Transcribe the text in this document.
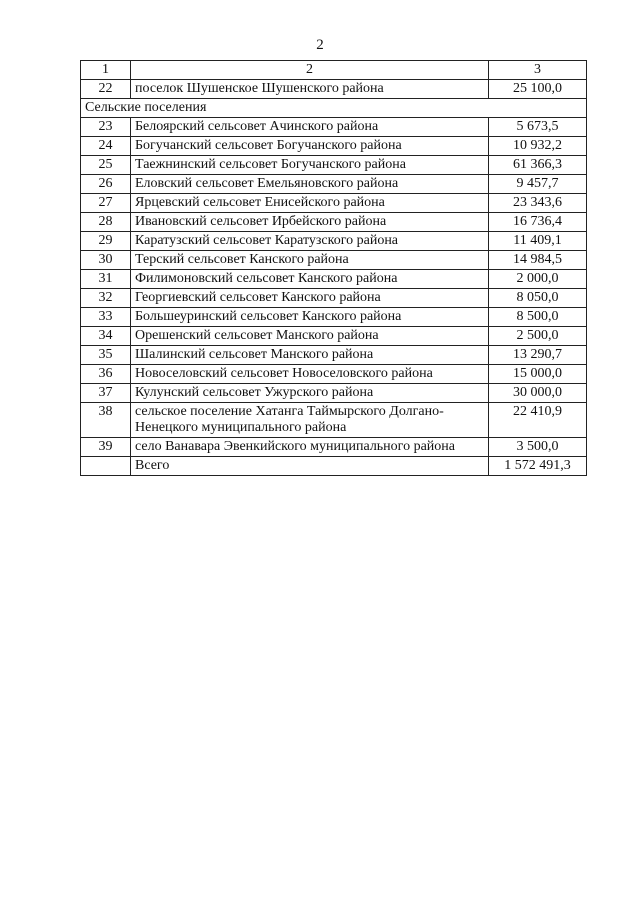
2
1	2	3
22	поселок Шушенское Шушенского района	25 100,0
Сельские поселения		
23	Белоярский сельсовет Ачинского района	5 673,5
24	Богучанский сельсовет Богучанского района	10 932,2
25	Таежнинский сельсовет Богучанского района	61 366,3
26	Еловский сельсовет Емельяновского района	9 457,7
27	Ярцевский сельсовет Енисейского района	23 343,6
28	Ивановский сельсовет Ирбейского района	16 736,4
29	Каратузский сельсовет Каратузского района	11 409,1
30	Терский сельсовет Канского района	14 984,5
31	Филимоновский сельсовет Канского района	2 000,0
32	Георгиевский сельсовет Канского района	8 050,0
33	Большеуринский сельсовет Канского района	8 500,0
34	Орешенский сельсовет Манского района	2 500,0
35	Шалинский сельсовет Манского района	13 290,7
36	Новоселовский сельсовет Новоселовского района	15 000,0
37	Кулунский сельсовет Ужурского района	30 000,0
38	сельское поселение Хатанга Таймырского Долгано-Ненецкого муниципального района	22 410,9
39	село Ванавара Эвенкийского муниципального района	3 500,0
	Всего	1 572 491,3
